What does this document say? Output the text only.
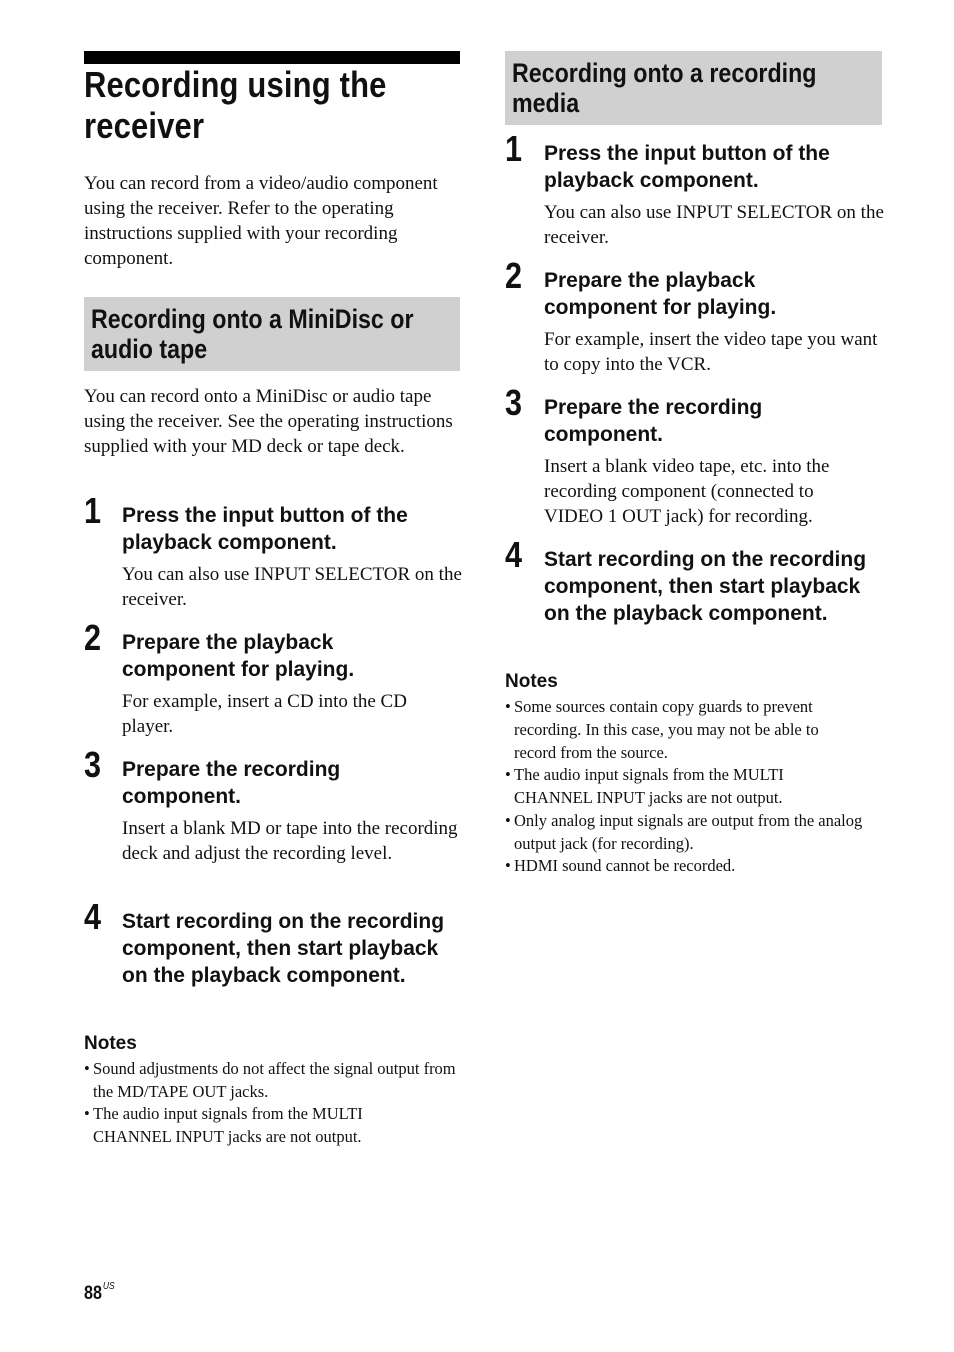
Recording using the receiver
You can record from a video/audio component using the receiver. Refer to the operating instructions supplied with your recording component.
Recording onto a MiniDisc or audio tape
You can record onto a MiniDisc or audio tape using the receiver. See the operating instructions supplied with your MD deck or tape deck.
1 Press the input button of the playback component.
You can also use INPUT SELECTOR on the receiver.
2 Prepare the playback component for playing.
For example, insert a CD into the CD player.
3 Prepare the recording component.
Insert a blank MD or tape into the recording deck and adjust the recording level.
4 Start recording on the recording component, then start playback on the playback component.
Notes
• Sound adjustments do not affect the signal output from the MD/TAPE OUT jacks.
• The audio input signals from the MULTI CHANNEL INPUT jacks are not output.
Recording onto a recording media
1 Press the input button of the playback component.
You can also use INPUT SELECTOR on the receiver.
2 Prepare the playback component for playing.
For example, insert the video tape you want to copy into the VCR.
3 Prepare the recording component.
Insert a blank video tape, etc. into the recording component (connected to VIDEO 1 OUT jack) for recording.
4 Start recording on the recording component, then start playback on the playback component.
Notes
• Some sources contain copy guards to prevent recording. In this case, you may not be able to record from the source.
• The audio input signals from the MULTI CHANNEL INPUT jacks are not output.
• Only analog input signals are output from the analog output jack (for recording).
• HDMI sound cannot be recorded.
$88^{US}$
